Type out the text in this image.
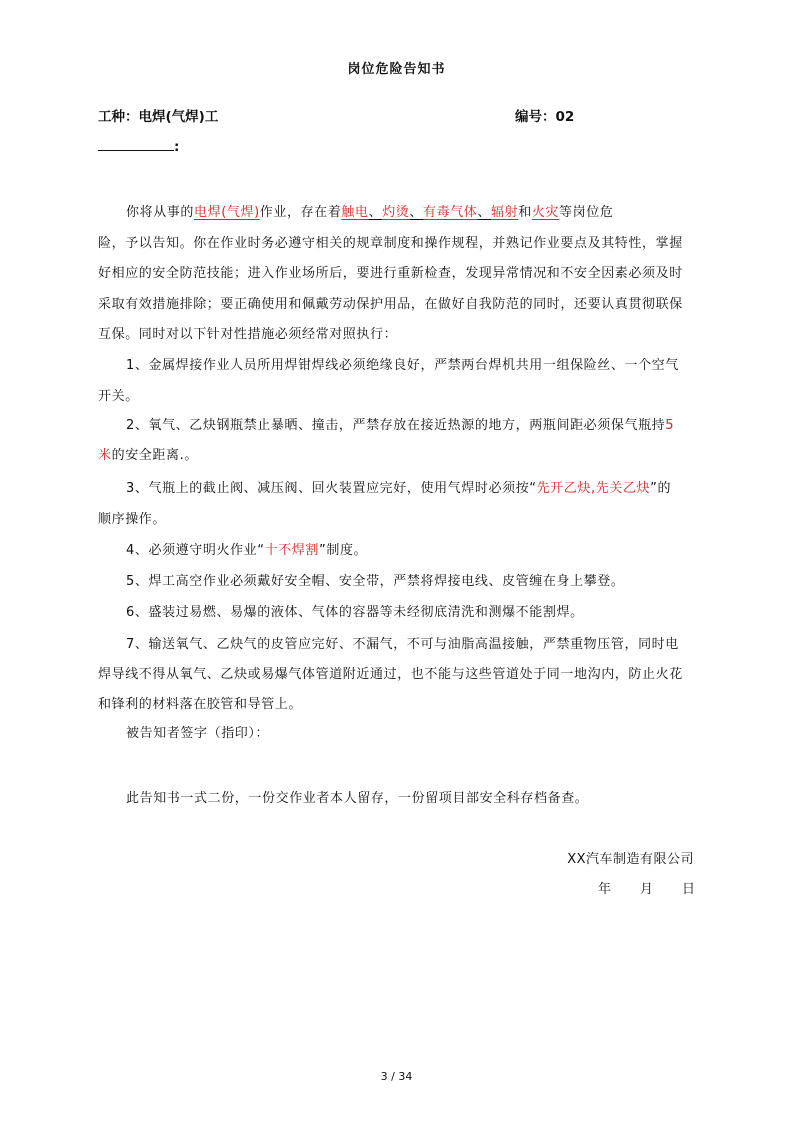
岗位危险告知书
工种：电焊(气焊)工	编号：02
:
你将从事的电焊(气焊)作业，存在着触电、灼烫、有毒气体、辐射和火灾等岗位危
险，予以告知。你在作业时务必遵守相关的规章制度和操作规程，并熟记作业要点及其特性，掌握
好相应的安全防范技能；进入作业场所后，要进行重新检查，发现异常情况和不安全因素必须及时
采取有效措施排除；要正确使用和佩戴劳动保护用品，在做好自我防范的同时，还要认真贯彻联保
互保。同时对以下针对性措施必须经常对照执行：
1、金属焊接作业人员所用焊钳焊线必须绝缘良好，严禁两台焊机共用一组保险丝、一个空气
开关。
2、氧气、乙炔钢瓶禁止暴晒、撞击，严禁存放在接近热源的地方，两瓶间距必须保气瓶持5
米的安全距离.。
3、气瓶上的截止阀、减压阀、回火装置应完好，使用气焊时必须按“先开乙炔,先关乙炔”的
顺序操作。
4、必须遵守明火作业“十不焊割”制度。
5、焊工高空作业必须戴好安全帽、安全带，严禁将焊接电线、皮管缠在身上攀登。
6、盛装过易燃、易爆的液体、气体的容器等未经彻底清洗和测爆不能割焊。
7、输送氧气、乙炔气的皮管应完好、不漏气，不可与油脂高温接触，严禁重物压管，同时电
焊导线不得从氧气、乙炔或易爆气体管道附近通过，也不能与这些管道处于同一地沟内，防止火花
和锋利的材料落在胶管和导管上。
被告知者签字（指印）：
此告知书一式二份，一份交作业者本人留存，一份留项目部安全科存档备查。
XX汽车制造有限公司
年 月 日
3 / 34
